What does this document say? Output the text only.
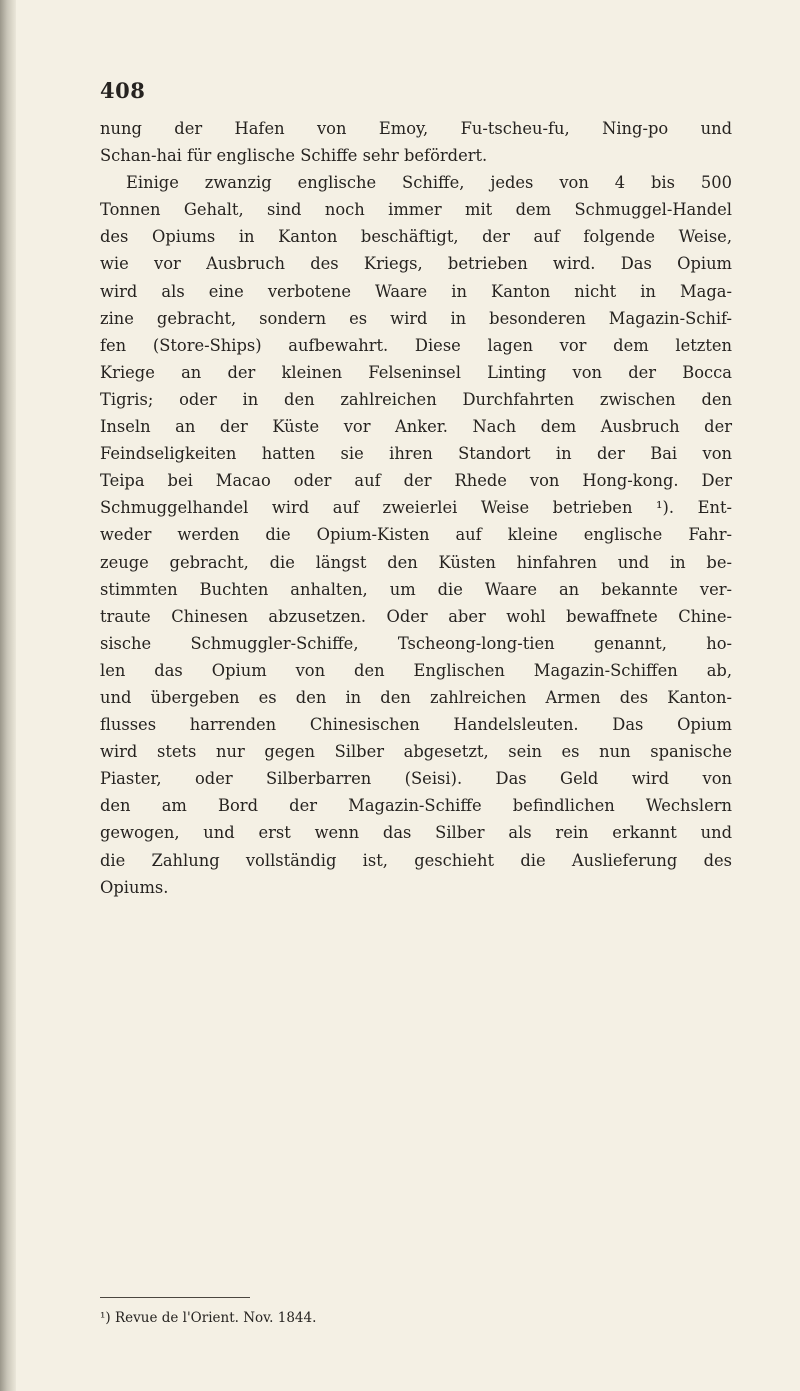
408
nung der Hafen von Emoy, Fu-tscheu-fu, Ning-po und
Schan-hai für englische Schiffe sehr befördert.
Einige zwanzig englische Schiffe, jedes von 4 bis 500
Tonnen Gehalt, sind noch immer mit dem Schmuggel-Handel
des Opiums in Kanton beschäftigt, der auf folgende Weise,
wie vor Ausbruch des Kriegs, betrieben wird. Das Opium
wird als eine verbotene Waare in Kanton nicht in Maga-
zine gebracht, sondern es wird in besonderen Magazin-Schif-
fen (Store-Ships) aufbewahrt. Diese lagen vor dem letzten
Kriege an der kleinen Felseninsel Linting von der Bocca
Tigris; oder in den zahlreichen Durchfahrten zwischen den
Inseln an der Küste vor Anker. Nach dem Ausbruch der
Feindseligkeiten hatten sie ihren Standort in der Bai von
Teipa bei Macao oder auf der Rhede von Hong-kong. Der
Schmuggelhandel wird auf zweierlei Weise betrieben ¹). Ent-
weder werden die Opium-Kisten auf kleine englische Fahr-
zeuge gebracht, die längst den Küsten hinfahren und in be-
stimmten Buchten anhalten, um die Waare an bekannte ver-
traute Chinesen abzusetzen. Oder aber wohl bewaffnete Chine-
sische Schmuggler-Schiffe, Tscheong-long-tien genannt, ho-
len das Opium von den Englischen Magazin-Schiffen ab,
und übergeben es den in den zahlreichen Armen des Kanton-
flusses harrenden Chinesischen Handelsleuten. Das Opium
wird stets nur gegen Silber abgesetzt, sein es nun spanische
Piaster, oder Silberbarren (Seisi). Das Geld wird von
den am Bord der Magazin-Schiffe befindlichen Wechslern
gewogen, und erst wenn das Silber als rein erkannt und
die Zahlung vollständig ist, geschieht die Auslieferung des
Opiums.
¹) Revue de l'Orient. Nov. 1844.
